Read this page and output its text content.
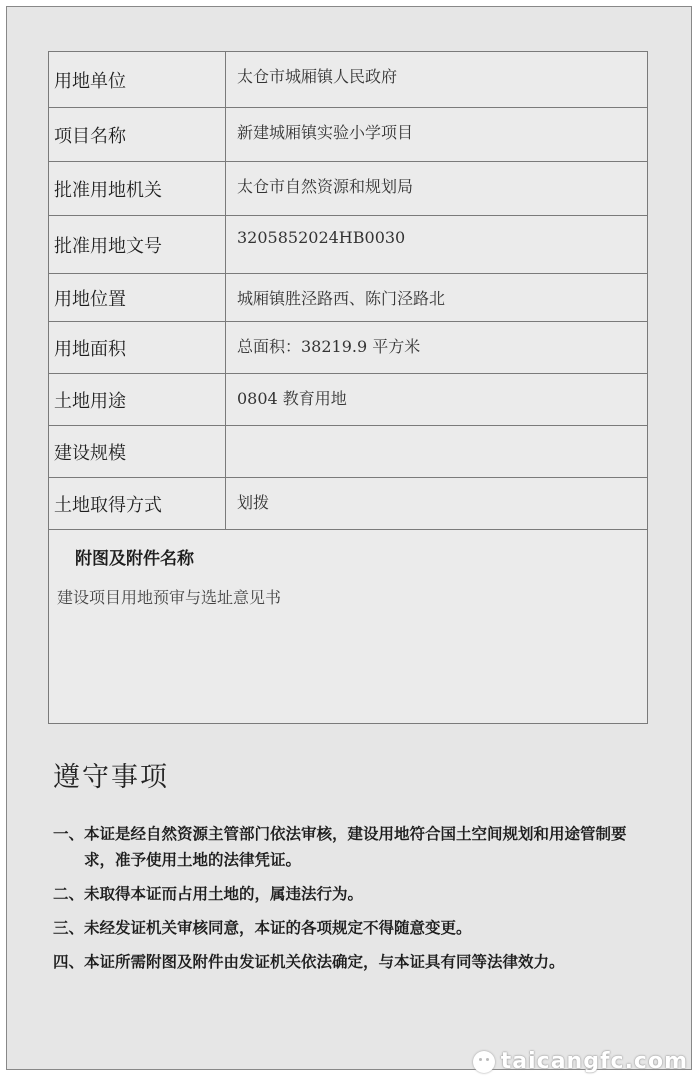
用地单位	太仓市城厢镇人民政府
项目名称	新建城厢镇实验小学项目
批准用地机关	太仓市自然资源和规划局
批准用地文号	3205852024HB0030
用地位置	城厢镇胜泾路西、陈门泾路北
用地面积	总面积：38219.9 平方米
土地用途	0804 教育用地
建设规模	
土地取得方式	划拨

附图及附件名称
建设项目用地预审与选址意见书	
遵守事项
一、 本证是经自然资源主管部门依法审核，建设用地符合国土空间规划和用途管制要求，准予使用土地的法律凭证。
二、 未取得本证而占用土地的，属违法行为。
三、 未经发证机关审核同意，本证的各项规定不得随意变更。
四、 本证所需附图及附件由发证机关依法确定，与本证具有同等法律效力。
taicangfc.com
